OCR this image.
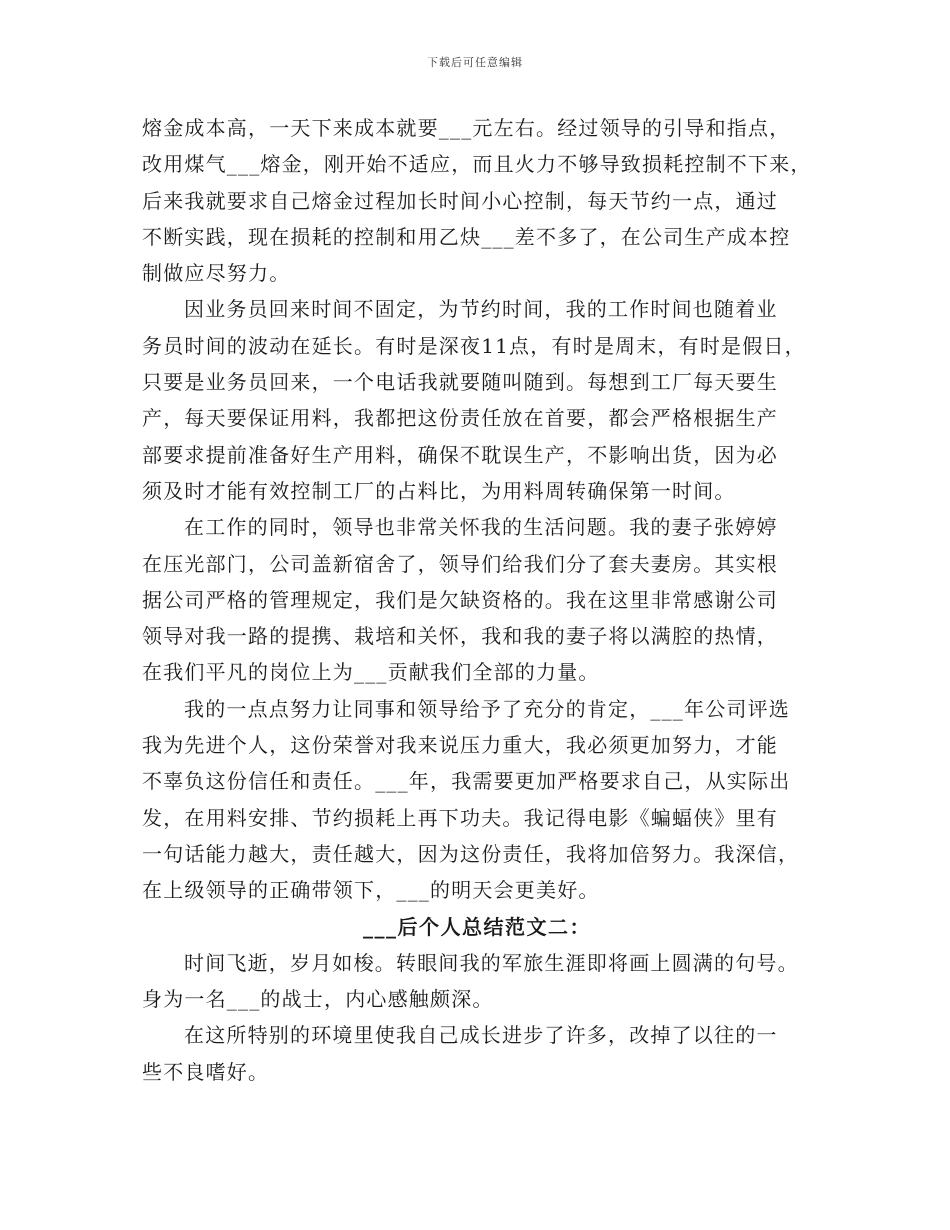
下载后可任意编辑
熔金成本高，一天下来成本就要___元左右。经过领导的引导和指点，
改用煤气___熔金，刚开始不适应，而且火力不够导致损耗控制不下来，
后来我就要求自己熔金过程加长时间小心控制，每天节约一点，通过
不断实践，现在损耗的控制和用乙炔___差不多了，在公司生产成本控
制做应尽努力。
因业务员回来时间不固定，为节约时间，我的工作时间也随着业
务员时间的波动在延长。有时是深夜11点，有时是周末，有时是假日，
只要是业务员回来，一个电话我就要随叫随到。每想到工厂每天要生
产，每天要保证用料，我都把这份责任放在首要，都会严格根据生产
部要求提前准备好生产用料，确保不耽误生产，不影响出货，因为必
须及时才能有效控制工厂的占料比，为用料周转确保第一时间。
在工作的同时，领导也非常关怀我的生活问题。我的妻子张婷婷
在压光部门，公司盖新宿舍了，领导们给我们分了套夫妻房。其实根
据公司严格的管理规定，我们是欠缺资格的。我在这里非常感谢公司
领导对我一路的提携、栽培和关怀，我和我的妻子将以满腔的热情，
在我们平凡的岗位上为___贡献我们全部的力量。
我的一点点努力让同事和领导给予了充分的肯定，___年公司评选
我为先进个人，这份荣誉对我来说压力重大，我必须更加努力，才能
不辜负这份信任和责任。___年，我需要更加严格要求自己，从实际出
发，在用料安排、节约损耗上再下功夫。我记得电影《蝙蝠侠》里有
一句话能力越大，责任越大，因为这份责任，我将加倍努力。我深信，
在上级领导的正确带领下，___的明天会更美好。
___后个人总结范文二：
时间飞逝，岁月如梭。转眼间我的军旅生涯即将画上圆满的句号。
身为一名___的战士，内心感触颇深。
在这所特别的环境里使我自己成长进步了许多，改掉了以往的一
些不良嗜好。
